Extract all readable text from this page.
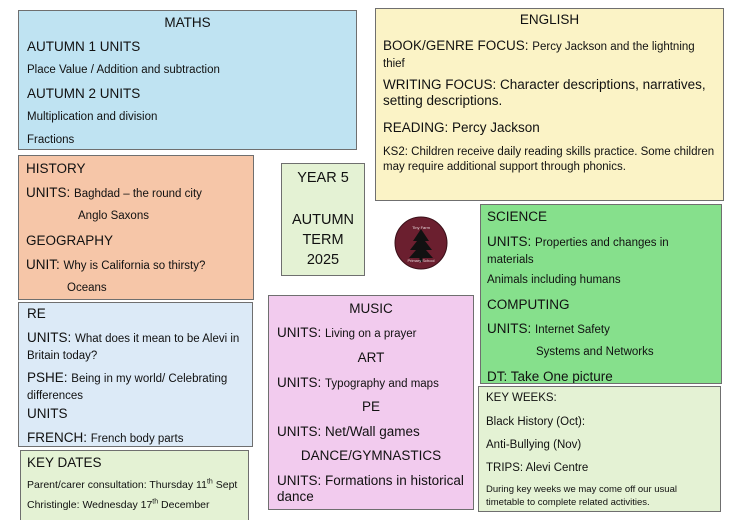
MATHS

AUTUMN 1 UNITS

Place Value / Addition and subtraction

AUTUMN 2 UNITS

Multiplication and division

Fractions

ENGLISH

BOOK/GENRE FOCUS: Percy Jackson and the lightning thief

WRITING FOCUS: Character descriptions, narratives, setting descriptions.

READING: Percy Jackson

KS2: Children receive daily reading skills practice. Some children may require additional support through phonics.

HISTORY

UNITS: Baghdad – the round city

Anglo Saxons

GEOGRAPHY

UNIT: Why is California so thirsty?

Oceans

YEAR 5

AUTUMN

TERM

2025

Tiny Farm
Primary School

SCIENCE

UNITS: Properties and changes in materials

Animals including humans

COMPUTING

UNITS: Internet Safety

Systems and Networks

DT: Take One picture

RE

UNITS: What does it mean to be Alevi in Britain today?

PSHE: Being in my world/ Celebrating differences

UNITS

FRENCH: French body parts

MUSIC

UNITS: Living on a prayer

ART

UNITS: Typography and maps

PE

UNITS: Net/Wall games

DANCE/GYMNASTICS

UNITS: Formations in historical dance

KEY WEEKS:

Black History (Oct):

Anti-Bullying (Nov)

TRIPS: Alevi Centre

During key weeks we may come off our usual timetable to complete related activities.

KEY DATES

Parent/carer consultation: Thursday 11th Sept

Christingle: Wednesday 17th December
